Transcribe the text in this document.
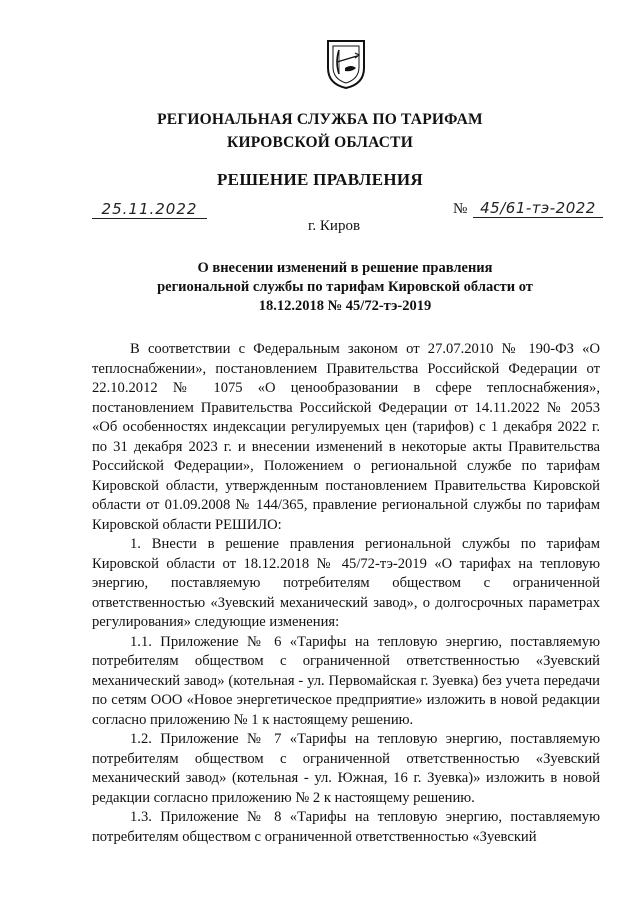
РЕГИОНАЛЬНАЯ СЛУЖБА ПО ТАРИФАМ
КИРОВСКОЙ ОБЛАСТИ
РЕШЕНИЕ ПРАВЛЕНИЯ
25.11.2022	№ 45/61-тэ-2022
г. Киров
О внесении изменений в решение правления региональной службы по тарифам Кировской области от 18.12.2018 № 45/72-тэ-2019

В соответствии с Федеральным законом от 27.07.2010 № 190-ФЗ «О теплоснабжении», постановлением Правительства Российской Федерации от 22.10.2012 № 1075 «О ценообразовании в сфере теплоснабжения», постановлением Правительства Российской Федерации от 14.11.2022 № 2053 «Об особенностях индексации регулируемых цен (тарифов) с 1 декабря 2022 г. по 31 декабря 2023 г. и внесении изменений в некоторые акты Правительства Российской Федерации», Положением о региональной службе по тарифам Кировской области, утвержденным постановлением Правительства Кировской области от 01.09.2008 № 144/365, правление региональной службы по тарифам Кировской области РЕШИЛО:

1. Внести в решение правления региональной службы по тарифам Кировской области от 18.12.2018 № 45/72-тэ-2019 «О тарифах на тепловую энергию, поставляемую потребителям обществом с ограниченной ответственностью «Зуевский механический завод», о долгосрочных параметрах регулирования» следующие изменения:

1.1. Приложение № 6 «Тарифы на тепловую энергию, поставляемую потребителям обществом с ограниченной ответственностью «Зуевский механический завод» (котельная - ул. Первомайская г. Зуевка) без учета передачи по сетям ООО «Новое энергетическое предприятие» изложить в новой редакции согласно приложению № 1 к настоящему решению.

1.2. Приложение № 7 «Тарифы на тепловую энергию, поставляемую потребителям обществом с ограниченной ответственностью «Зуевский механический завод» (котельная - ул. Южная, 16 г. Зуевка)» изложить в новой редакции согласно приложению № 2 к настоящему решению.

1.3. Приложение № 8 «Тарифы на тепловую энергию, поставляемую потребителям обществом с ограниченной ответственностью «Зуевский
